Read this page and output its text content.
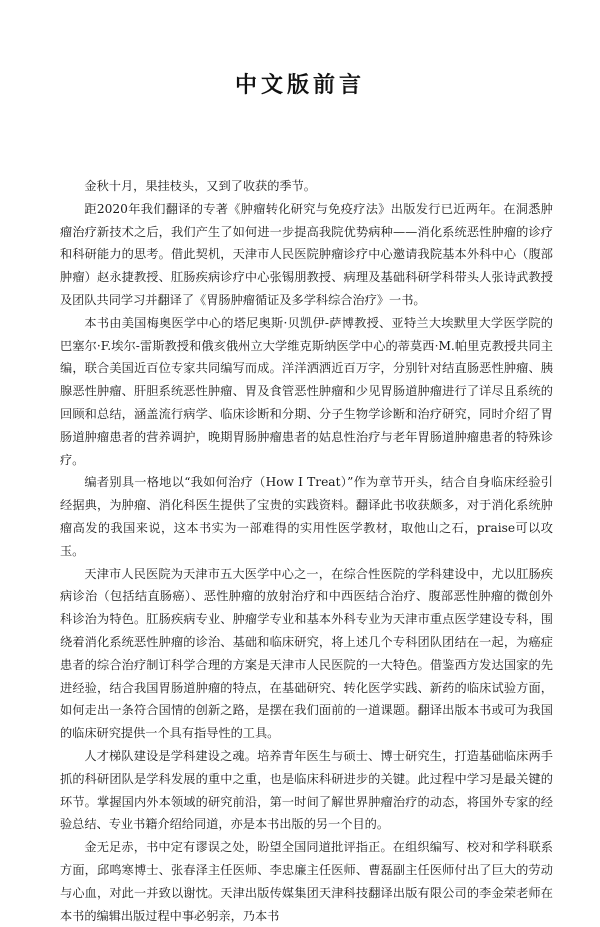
中文版前言

金秋十月，果挂枝头，又到了收获的季节。

距2020年我们翻译的专著《肿瘤转化研究与免疫疗法》出版发行已近两年。在洞悉肿瘤治疗新技术之后，我们产生了如何进一步提高我院优势病种——消化系统恶性肿瘤的诊疗和科研能力的思考。借此契机，天津市人民医院肿瘤诊疗中心邀请我院基本外科中心（腹部肿瘤）赵永捷教授、肛肠疾病诊疗中心张锡朋教授、病理及基础科研学科带头人张诗武教授及团队共同学习并翻译了《胃肠肿瘤循证及多学科综合治疗》一书。

本书由美国梅奥医学中心的塔尼奥斯·贝凯伊-萨博教授、亚特兰大埃默里大学医学院的巴塞尔·F.埃尔-雷斯教授和俄亥俄州立大学维克斯纳医学中心的蒂莫西·M.帕里克教授共同主编，联合美国近百位专家共同编写而成。洋洋洒洒近百万字，分别针对结直肠恶性肿瘤、胰腺恶性肿瘤、肝胆系统恶性肿瘤、胃及食管恶性肿瘤和少见胃肠道肿瘤进行了详尽且系统的回顾和总结，涵盖流行病学、临床诊断和分期、分子生物学诊断和治疗研究，同时介绍了胃肠道肿瘤患者的营养调护，晚期胃肠肿瘤患者的姑息性治疗与老年胃肠道肿瘤患者的特殊诊疗。

编者别具一格地以“我如何治疗（How I Treat）”作为章节开头，结合自身临床经验引经据典，为肿瘤、消化科医生提供了宝贵的实践资料。翻译此书收获颇多，对于消化系统肿瘤高发的我国来说，这本书实为一部难得的实用性医学教材，取他山之石，praise可以攻玉。

天津市人民医院为天津市五大医学中心之一，在综合性医院的学科建设中，尤以肛肠疾病诊治（包括结直肠癌）、恶性肿瘤的放射治疗和中西医结合治疗、腹部恶性肿瘤的微创外科诊治为特色。肛肠疾病专业、肿瘤学专业和基本外科专业为天津市重点医学建设专科，围绕着消化系统恶性肿瘤的诊治、基础和临床研究，将上述几个专科团队团结在一起，为癌症患者的综合治疗制订科学合理的方案是天津市人民医院的一大特色。借鉴西方发达国家的先进经验，结合我国胃肠道肿瘤的特点，在基础研究、转化医学实践、新药的临床试验方面，如何走出一条符合国情的创新之路，是摆在我们面前的一道课题。翻译出版本书或可为我国的临床研究提供一个具有指导性的工具。

人才梯队建设是学科建设之魂。培养青年医生与硕士、博士研究生，打造基础临床两手抓的科研团队是学科发展的重中之重，也是临床科研进步的关键。此过程中学习是最关键的环节。掌握国内外本领域的研究前沿，第一时间了解世界肿瘤治疗的动态，将国外专家的经验总结、专业书籍介绍给同道，亦是本书出版的另一个目的。

金无足赤，书中定有谬误之处，盼望全国同道批评指正。在组织编写、校对和学科联系方面，邱鸣寒博士、张春泽主任医师、李忠廉主任医师、曹磊副主任医师付出了巨大的劳动与心血，对此一并致以谢忱。天津出版传媒集团天津科技翻译出版有限公司的李金荣老师在本书的编辑出版过程中事必躬亲，乃本书
